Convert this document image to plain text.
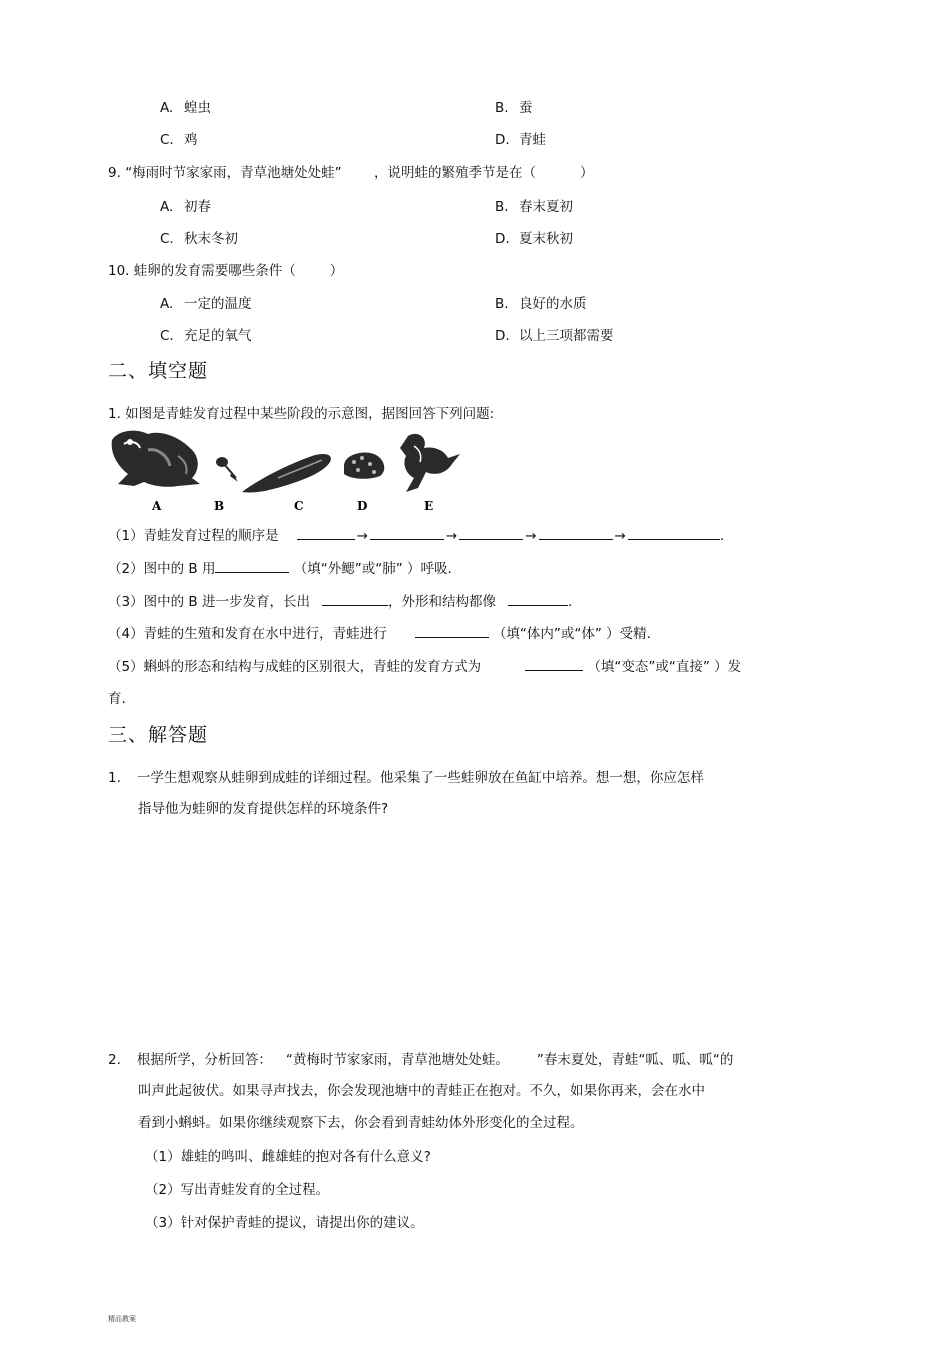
A. 蝗虫	B. 蚕
C. 鸡	D. 青蛙
9. “梅雨时节家家雨，青草池塘处处蛙” ，说明蛙的繁殖季节是在（	）
A. 初春	B. 春末夏初
C. 秋末冬初	D. 夏末秋初
10. 蛙卵的发育需要哪些条件（	）
A. 一定的温度	B. 良好的水质
C. 充足的氧气	D. 以上三项都需要
二、填空题
1. 如图是青蛙发育过程中某些阶段的示意图，据图回答下列问题:
A	B	C	D	E
（1）青蛙发育过程的顺序是	→	→	→	→	.
（2）图中的 B 用	（填“外鳃”或“肺” ）呼吸.
（3）图中的 B 进一步发育，长出	，外形和结构都像	.
（4）青蛙的生殖和发育在水中进行，青蛙进行	（填“体内”或“体” ）受精.
（5）蝌蚪的形态和结构与成蛙的区别很大，青蛙的发育方式为	（填“变态”或“直接” ）发
育.
三、解答题
1. 一学生想观察从蛙卵到成蛙的详细过程。他采集了一些蛙卵放在鱼缸中培养。想一想，你应怎样
指导他为蛙卵的发育提供怎样的环境条件?
2. 根据所学，分析回答： “黄梅时节家家雨，青草池塘处处蛙。 ”春末夏处，青蛙“呱、呱、呱“的
叫声此起彼伏。如果寻声找去，你会发现池塘中的青蛙正在抱对。不久，如果你再来，会在水中
看到小蝌蚪。如果你继续观察下去，你会看到青蛙幼体外形变化的全过程。
（1）雄蛙的鸣叫、雌雄蛙的抱对各有什么意义?
（2）写出青蛙发育的全过程。
（3）针对保护青蛙的提议，请提出你的建议。
精品教案
